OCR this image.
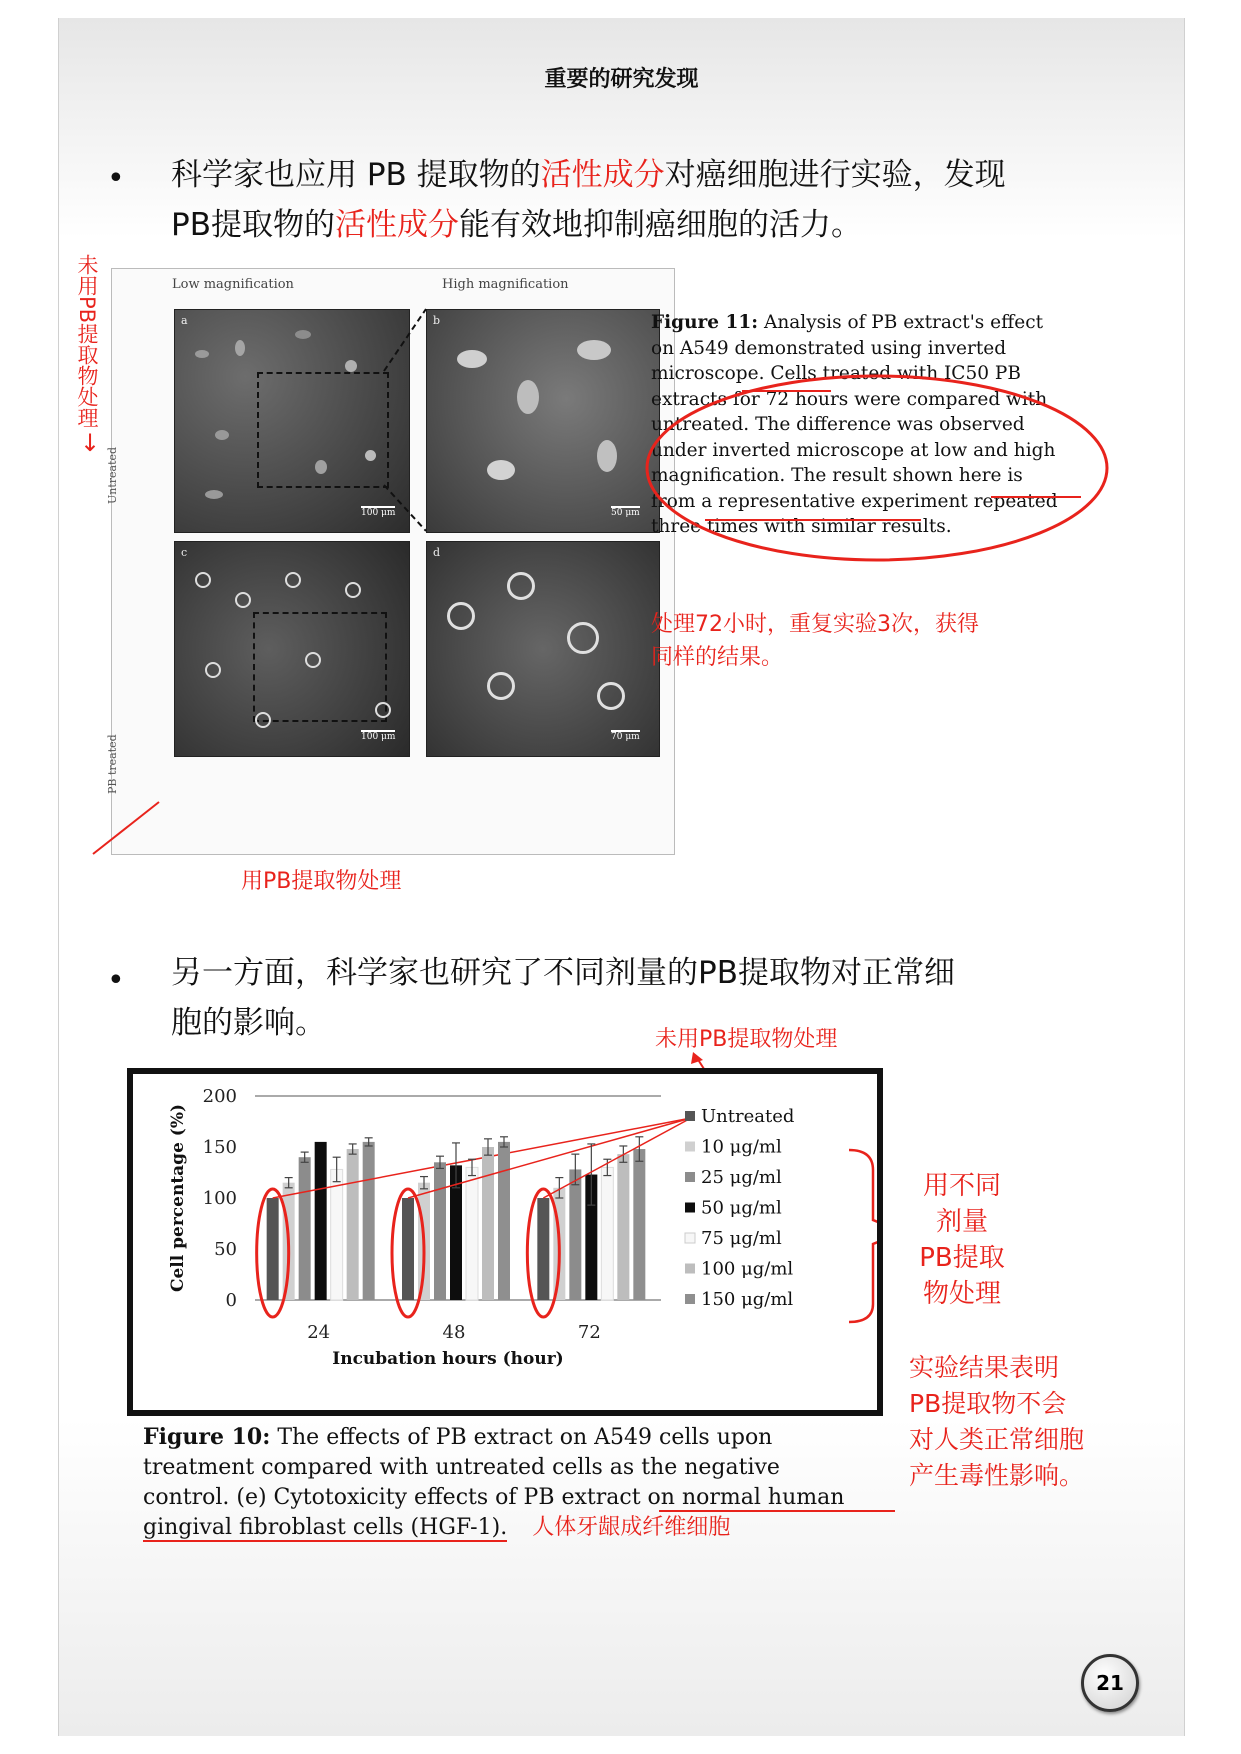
重要的研究发现
• 科学家也应用 PB 提取物的活性成分对癌细胞进行实验，发现
PB提取物的活性成分能有效地抑制癌细胞的活力。
Low magnification	High magnification
Untreated
PB treated
a
100 μm
b
50 μm
c
100 μm
d
70 μm
未用PB提取物处理
↓
用PB提取物处理
Figure 11: Analysis of PB extract's effect
on A549 demonstrated using inverted
microscope. Cells treated with IC50 PB
extracts for 72 hours were compared with
untreated. The difference was observed
under inverted microscope at low and high
magnification. The result shown here is
from a representative experiment repeated
three times with similar results.
处理72小时，重复实验3次，获得
同样的结果。
• 另一方面，科学家也研究了不同剂量的PB提取物对正常细
胞的影响。	未用PB提取物处理
0
50
100
150
200
Cell percentage (%)
Incubation hours (hour)
24	48	72
Untreated
10 μg/ml
25 μg/ml
50 μg/ml
75 μg/ml
100 μg/ml
150 μg/ml
用不同
剂量
PB提取
物处理
实验结果表明
PB提取物不会
对人类正常细胞
产生毒性影响。
Figure 10: The effects of PB extract on A549 cells upon
treatment compared with untreated cells as the negative
control. (e) Cytotoxicity effects of PB extract on normal human
gingival fibroblast cells (HGF-1). 人体牙龈成纤维细胞
21
